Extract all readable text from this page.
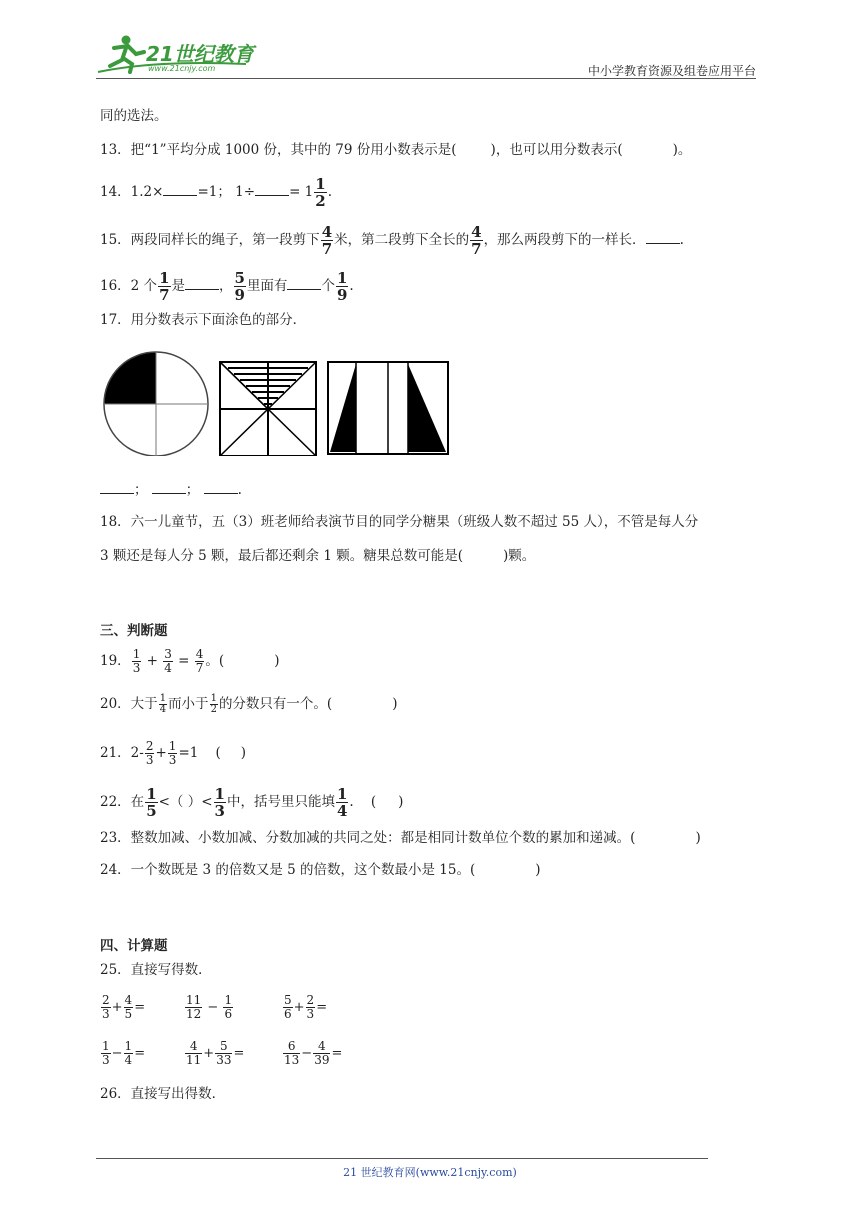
21世纪教育
www.21cnjy.com	中小学教育资源及组卷应用平台
同的选法。
13．把“1”平均分成 1000 份，其中的 79 份用小数表示是(	)，也可以用分数表示(	)。
14．1.2×	=1； 1÷	= $1 \frac{1}{2}$ .
15．两段同样长的绳子，第一段剪下 $\frac{4}{7}$ 米，第二段剪下全长的 $\frac{4}{7}$ ，那么两段剪下的一样长．	.
16．2 个 $\frac{1}{7}$ 是	， $\frac{5}{9}$ 里面有	个 $\frac{1}{9}$ .
17．用分数表示下面涂色的部分．
；	；	.
18．六一儿童节，五（3）班老师给表演节目的同学分糖果（班级人数不超过 55 人），不管是每人分
3 颗还是每人分 5 颗，最后都还剩余 1 颗。糖果总数可能是(	)颗。
三、判断题
19． $\frac{1}{3} + \frac{3}{4} = \frac{4}{7}$ 。(	)
20．大于 $\frac{1}{4}$ 而小于 $\frac{1}{2}$ 的分数只有一个。(	)
21．$2- \frac{2}{3} + \frac{1}{3} =1$ ( )
22．在 $\frac{1}{5}$ <（ ）< $\frac{1}{3}$ 中，括号里只能填 $\frac{1}{4}$ . ( )
23．整数加减、小数加减、分数加减的共同之处：都是相同计数单位个数的累加和递减。(	)
24．一个数既是 3 的倍数又是 5 的倍数，这个数最小是 15。(	)
四、计算题
25．直接写得数．
$\frac{2}{3} + \frac{4}{5}$ =	$\frac{11}{12} - \frac{1}{6}$	$\frac{5}{6} + \frac{2}{3}$ =
$\frac{1}{3} - \frac{1}{4}$ =	$\frac{4}{11} + \frac{5}{33}$ =	$\frac{6}{13} - \frac{4}{39}$ =
26．直接写出得数．
21 世纪教育网(www.21cnjy.com)
